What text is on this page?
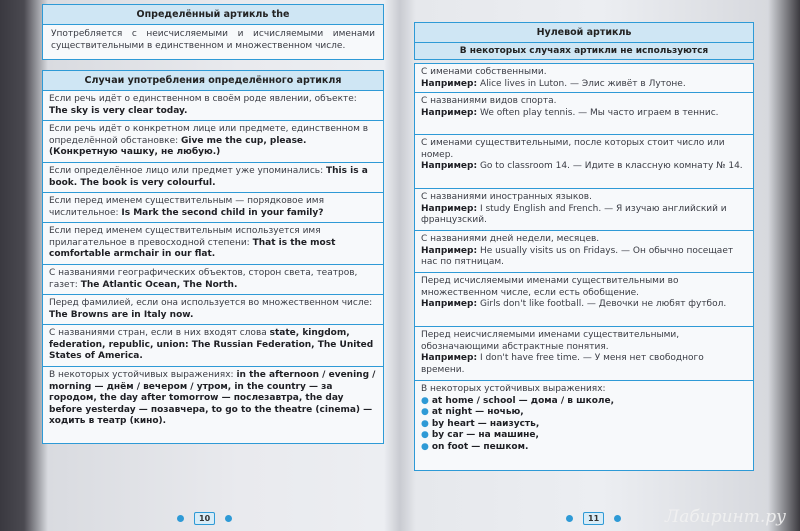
Определённый артикль the
Употребляется с неисчисляемыми и исчисляемыми именами существительными в единственном и множественном числе.
Случаи употребления определённого артикля
Если речь идёт о единственном в своём роде явлении, объекте: The sky is very clear today.
Если речь идёт о конкретном лице или предмете, единственном в определённой обстановке: Give me the cup, please. (Конкретную чашку, не любую.)
Если определённое лицо или предмет уже упоминались: This is a book. The book is very colourful.
Если перед именем существительным — порядковое имя числительное: Is Mark the second child in your family?
Если перед именем существительным используется имя прилагательное в превосходной степени: That is the most comfortable armchair in our flat.
С названиями географических объектов, сторон света, театров, газет: The Atlantic Ocean, The North.
Перед фамилией, если она используется во множественном числе: The Browns are in Italy now.
С названиями стран, если в них входят слова state, kingdom, federation, republic, union: The Russian Federation, The United States of America.
В некоторых устойчивых выражениях: in the afternoon / evening / morning — днём / вечером / утром, in the country — за городом, the day after tomorrow — послезавтра, the day before yesterday — позавчера, to go to the theatre (cinema) — ходить в театр (кино).
10
Нулевой артикль
В некоторых случаях артикли не используются
С именами собственными.
Например: Alice lives in Luton. — Элис живёт в Лутоне.
С названиями видов спорта.
Например: We often play tennis. — Мы часто играем в теннис.
С именами существительными, после которых стоит число или номер.
Например: Go to classroom 14. — Идите в классную комнату № 14.
С названиями иностранных языков.
Например: I study English and French. — Я изучаю английский и французский.
С названиями дней недели, месяцев.
Например: He usually visits us on Fridays. — Он обычно посещает нас по пятницам.
Перед исчисляемыми именами существительными во множественном числе, если есть обобщение.
Например: Girls don't like football. — Девочки не любят футбол.
Перед неисчисляемыми именами существительными, обозначающими абстрактные понятия.
Например: I don't have free time. — У меня нет свободного времени.
В некоторых устойчивых выражениях:
● at home / school — дома / в школе,
● at night — ночью,
● by heart — наизусть,
● by car — на машине,
● on foot — пешком.
11	Лабиринт.ру
